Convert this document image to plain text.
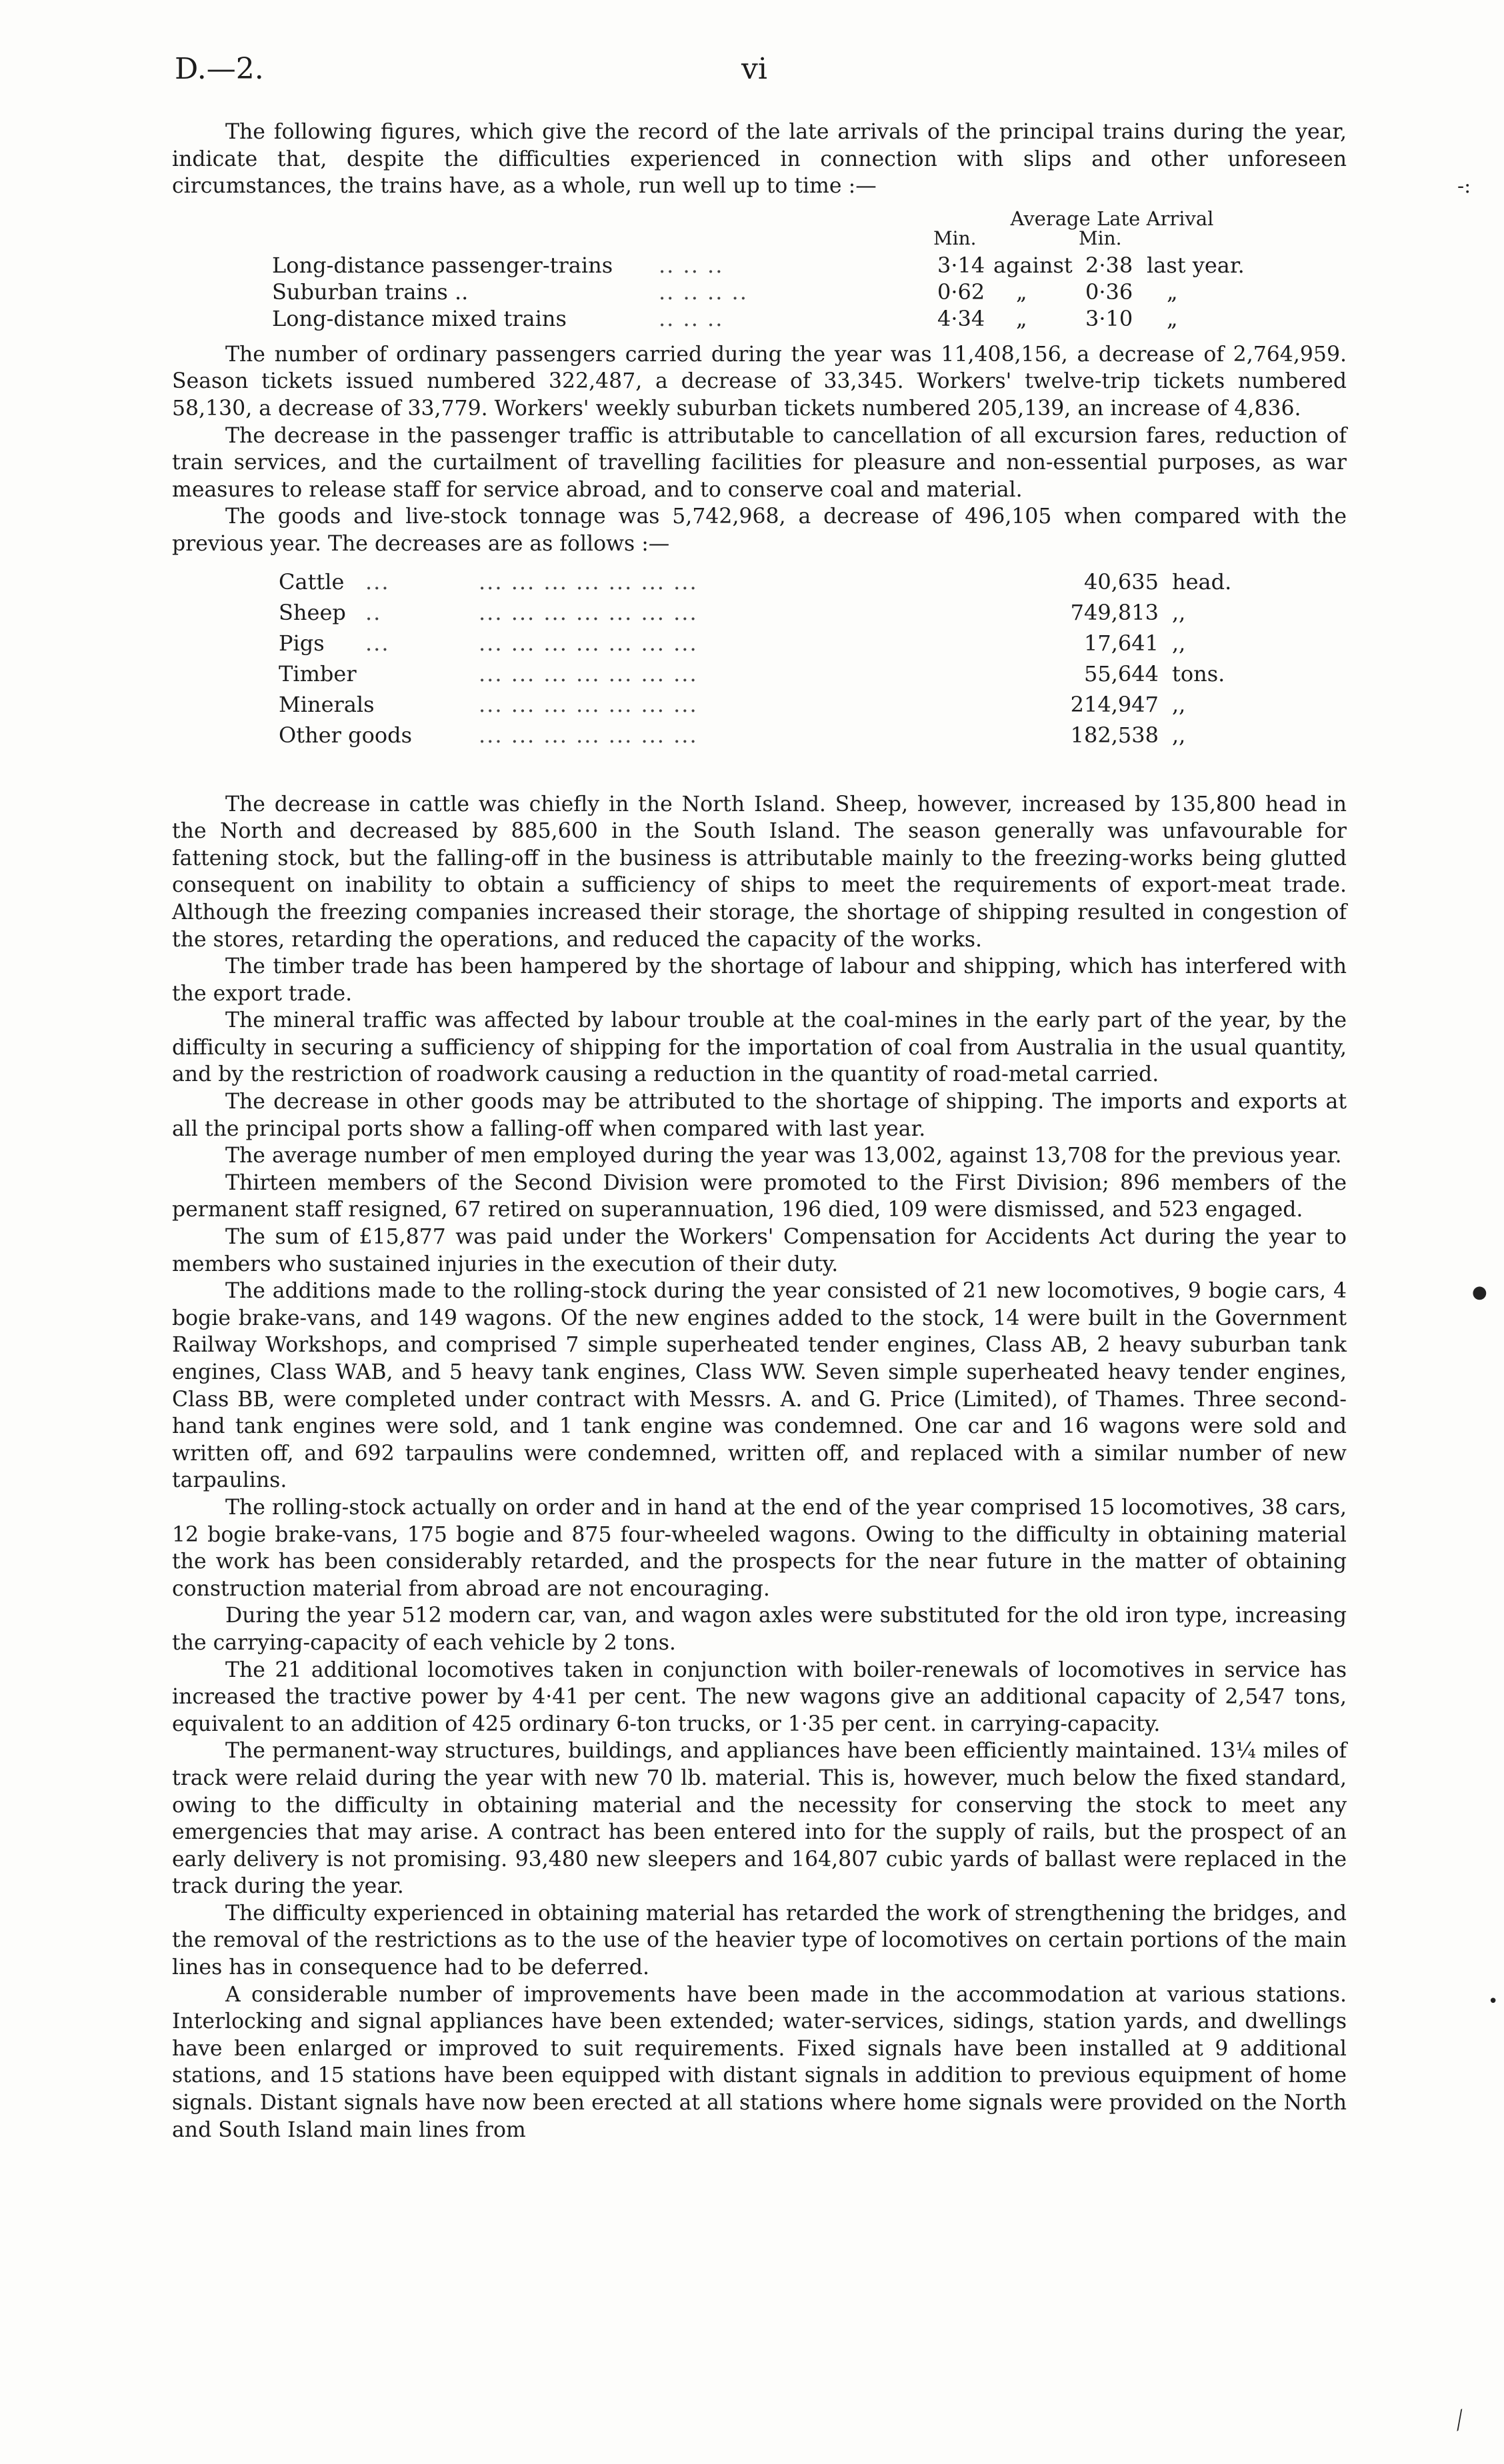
D.—2.	vi
-:
●
•
⟋

The following figures, which give the record of the late arrivals of the principal trains during the year, indicate that, despite the difficulties experienced in connection with slips and other unforeseen circumstances, the trains have, as a whole, run well up to time :—

Average Late Arrival
Min.	Min.
Long-distance passenger-trains .. .. ..	3·14 against 2·38 last year.
Suburban trains ..	.. .. .. ..	0·62 „	0·36 „
Long-distance mixed trains	.. .. ..	4·34 „	3·10 „

The number of ordinary passengers carried during the year was 11,408,156, a decrease of 2,764,959. Season tickets issued numbered 322,487, a decrease of 33,345. Workers' twelve-trip tickets numbered 58,130, a decrease of 33,779. Workers' weekly suburban tickets numbered 205,139, an increase of 4,836.

The decrease in the passenger traffic is attributable to cancellation of all excursion fares, reduction of train services, and the curtailment of travelling facilities for pleasure and non-essential purposes, as war measures to release staff for service abroad, and to conserve coal and material.

The goods and live-stock tonnage was 5,742,968, a decrease of 496,105 when compared with the previous year. The decreases are as follows :—

Cattle ...	... ... ... ... ... ... ...	40,635 head.
Sheep ..	... ... ... ... ... ... ...	749,813 ,,
Pigs ...	... ... ... ... ... ... ...	17,641 ,,
Timber	... ... ... ... ... ... ...	55,644 tons.
Minerals	... ... ... ... ... ... ...	214,947 ,,
Other goods	... ... ... ... ... ... ...	182,538 ,,

The decrease in cattle was chiefly in the North Island. Sheep, however, increased by 135,800 head in the North and decreased by 885,600 in the South Island. The season generally was unfavourable for fattening stock, but the falling-off in the business is attributable mainly to the freezing-works being glutted consequent on inability to obtain a sufficiency of ships to meet the requirements of export-meat trade. Although the freezing companies increased their storage, the shortage of shipping resulted in congestion of the stores, retarding the operations, and reduced the capacity of the works.

The timber trade has been hampered by the shortage of labour and shipping, which has interfered with the export trade.

The mineral traffic was affected by labour trouble at the coal-mines in the early part of the year, by the difficulty in securing a sufficiency of shipping for the importation of coal from Australia in the usual quantity, and by the restriction of roadwork causing a reduction in the quantity of road-metal carried.

The decrease in other goods may be attributed to the shortage of shipping. The imports and exports at all the principal ports show a falling-off when compared with last year.

The average number of men employed during the year was 13,002, against 13,708 for the previous year.

Thirteen members of the Second Division were promoted to the First Division; 896 members of the permanent staff resigned, 67 retired on superannuation, 196 died, 109 were dismissed, and 523 engaged.

The sum of £15,877 was paid under the Workers' Compensation for Accidents Act during the year to members who sustained injuries in the execution of their duty.

The additions made to the rolling-stock during the year consisted of 21 new locomotives, 9 bogie cars, 4 bogie brake-vans, and 149 wagons. Of the new engines added to the stock, 14 were built in the Government Railway Workshops, and comprised 7 simple superheated tender engines, Class AB, 2 heavy suburban tank engines, Class WAB, and 5 heavy tank engines, Class WW. Seven simple superheated heavy tender engines, Class BB, were completed under contract with Messrs. A. and G. Price (Limited), of Thames. Three second-hand tank engines were sold, and 1 tank engine was condemned. One car and 16 wagons were sold and written off, and 692 tarpaulins were condemned, written off, and replaced with a similar number of new tarpaulins.

The rolling-stock actually on order and in hand at the end of the year comprised 15 locomotives, 38 cars, 12 bogie brake-vans, 175 bogie and 875 four-wheeled wagons. Owing to the difficulty in obtaining material the work has been considerably retarded, and the prospects for the near future in the matter of obtaining construction material from abroad are not encouraging.

During the year 512 modern car, van, and wagon axles were substituted for the old iron type, increasing the carrying-capacity of each vehicle by 2 tons.

The 21 additional locomotives taken in conjunction with boiler-renewals of locomotives in service has increased the tractive power by 4·41 per cent. The new wagons give an additional capacity of 2,547 tons, equivalent to an addition of 425 ordinary 6-ton trucks, or 1·35 per cent. in carrying-capacity.

The permanent-way structures, buildings, and appliances have been efficiently maintained. 13¼ miles of track were relaid during the year with new 70 lb. material. This is, however, much below the fixed standard, owing to the difficulty in obtaining material and the necessity for conserving the stock to meet any emergencies that may arise. A contract has been entered into for the supply of rails, but the prospect of an early delivery is not promising. 93,480 new sleepers and 164,807 cubic yards of ballast were replaced in the track during the year.

The difficulty experienced in obtaining material has retarded the work of strengthening the bridges, and the removal of the restrictions as to the use of the heavier type of locomotives on certain portions of the main lines has in consequence had to be deferred.

A considerable number of improvements have been made in the accommodation at various stations. Interlocking and signal appliances have been extended; water-services, sidings, station yards, and dwellings have been enlarged or improved to suit requirements. Fixed signals have been installed at 9 additional stations, and 15 stations have been equipped with distant signals in addition to previous equipment of home signals. Distant signals have now been erected at all stations where home signals were provided on the North and South Island main lines from
